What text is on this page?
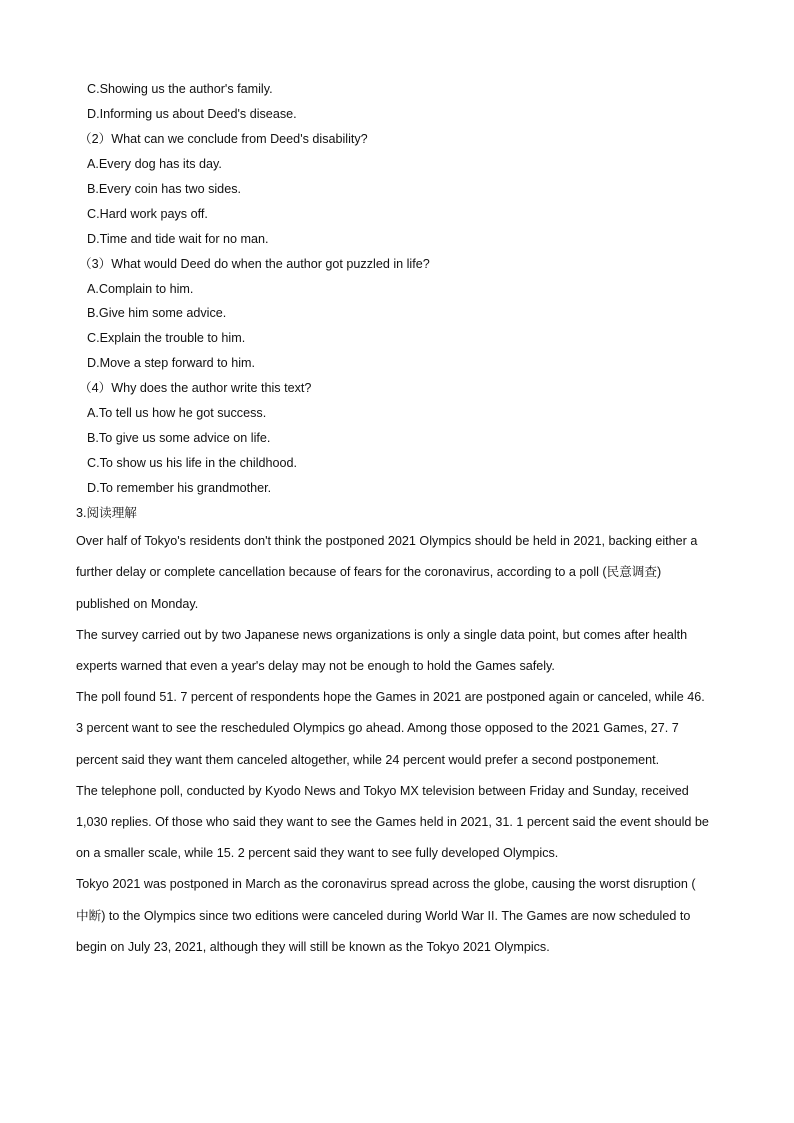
C.Showing us the author's family.
D.Informing us about Deed's disease.
（2）What can we conclude from Deed's disability?
A.Every dog has its day.
B.Every coin has two sides.
C.Hard work pays off.
D.Time and tide wait for no man.
（3）What would Deed do when the author got puzzled in life?
A.Complain to him.
B.Give him some advice.
C.Explain the trouble to him.
D.Move a step forward to him.
（4）Why does the author write this text?
A.To tell us how he got success.
B.To give us some advice on life.
C.To show us his life in the childhood.
D.To remember his grandmother.
3.阅读理解
Over half of Tokyo's residents don't think the postponed 2021 Olympics should be held in 2021, backing either a
further delay or complete cancellation because of fears for the coronavirus, according to a poll (民意调查)
published on Monday.
The survey carried out by two Japanese news organizations is only a single data point, but comes after health
experts warned that even a year's delay may not be enough to hold the Games safely.
The poll found 51. 7 percent of respondents hope the Games in 2021 are postponed again or canceled, while 46.
3 percent want to see the rescheduled Olympics go ahead. Among those opposed to the 2021 Games, 27. 7
percent said they want them canceled altogether, while 24 percent would prefer a second postponement.
The telephone poll, conducted by Kyodo News and Tokyo MX television between Friday and Sunday, received
1,030 replies. Of those who said they want to see the Games held in 2021, 31. 1 percent said the event should be
on a smaller scale, while 15. 2 percent said they want to see fully developed Olympics.
Tokyo 2021 was postponed in March as the coronavirus spread across the globe, causing the worst disruption (
中断) to the Olympics since two editions were canceled during World War II. The Games are now scheduled to
begin on July 23, 2021, although they will still be known as the Tokyo 2021 Olympics.
